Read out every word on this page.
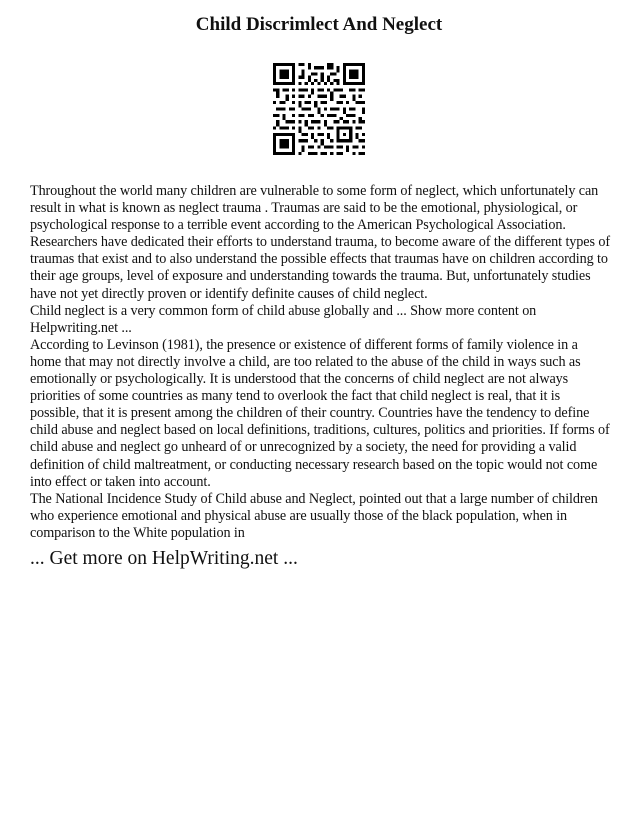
Child Discrimlect And Neglect

Throughout the world many children are vulnerable to some form of neglect, which unfortunately can result in what is known as neglect trauma . Traumas are said to be the emotional, physiological, or psychological response to a terrible event according to the American Psychological Association. Researchers have dedicated their efforts to understand trauma, to become aware of the different types of traumas that exist and to also understand the possible effects that traumas have on children according to their age groups, level of exposure and understanding towards the trauma. But, unfortunately studies have not yet directly proven or identify definite causes of child neglect.

Child neglect is a very common form of child abuse globally and ... Show more content on Helpwriting.net ...

According to Levinson (1981), the presence or existence of different forms of family violence in a home that may not directly involve a child, are too related to the abuse of the child in ways such as emotionally or psychologically. It is understood that the concerns of child neglect are not always priorities of some countries as many tend to overlook the fact that child neglect is real, that it is possible, that it is present among the children of their country. Countries have the tendency to define child abuse and neglect based on local definitions, traditions, cultures, politics and priorities. If forms of child abuse and neglect go unheard of or unrecognized by a society, the need for providing a valid definition of child maltreatment, or conducting necessary research based on the topic would not come into effect or taken into account.

The National Incidence Study of Child abuse and Neglect, pointed out that a large number of children who experience emotional and physical abuse are usually those of the black population, when in comparison to the White population in

... Get more on HelpWriting.net ...
